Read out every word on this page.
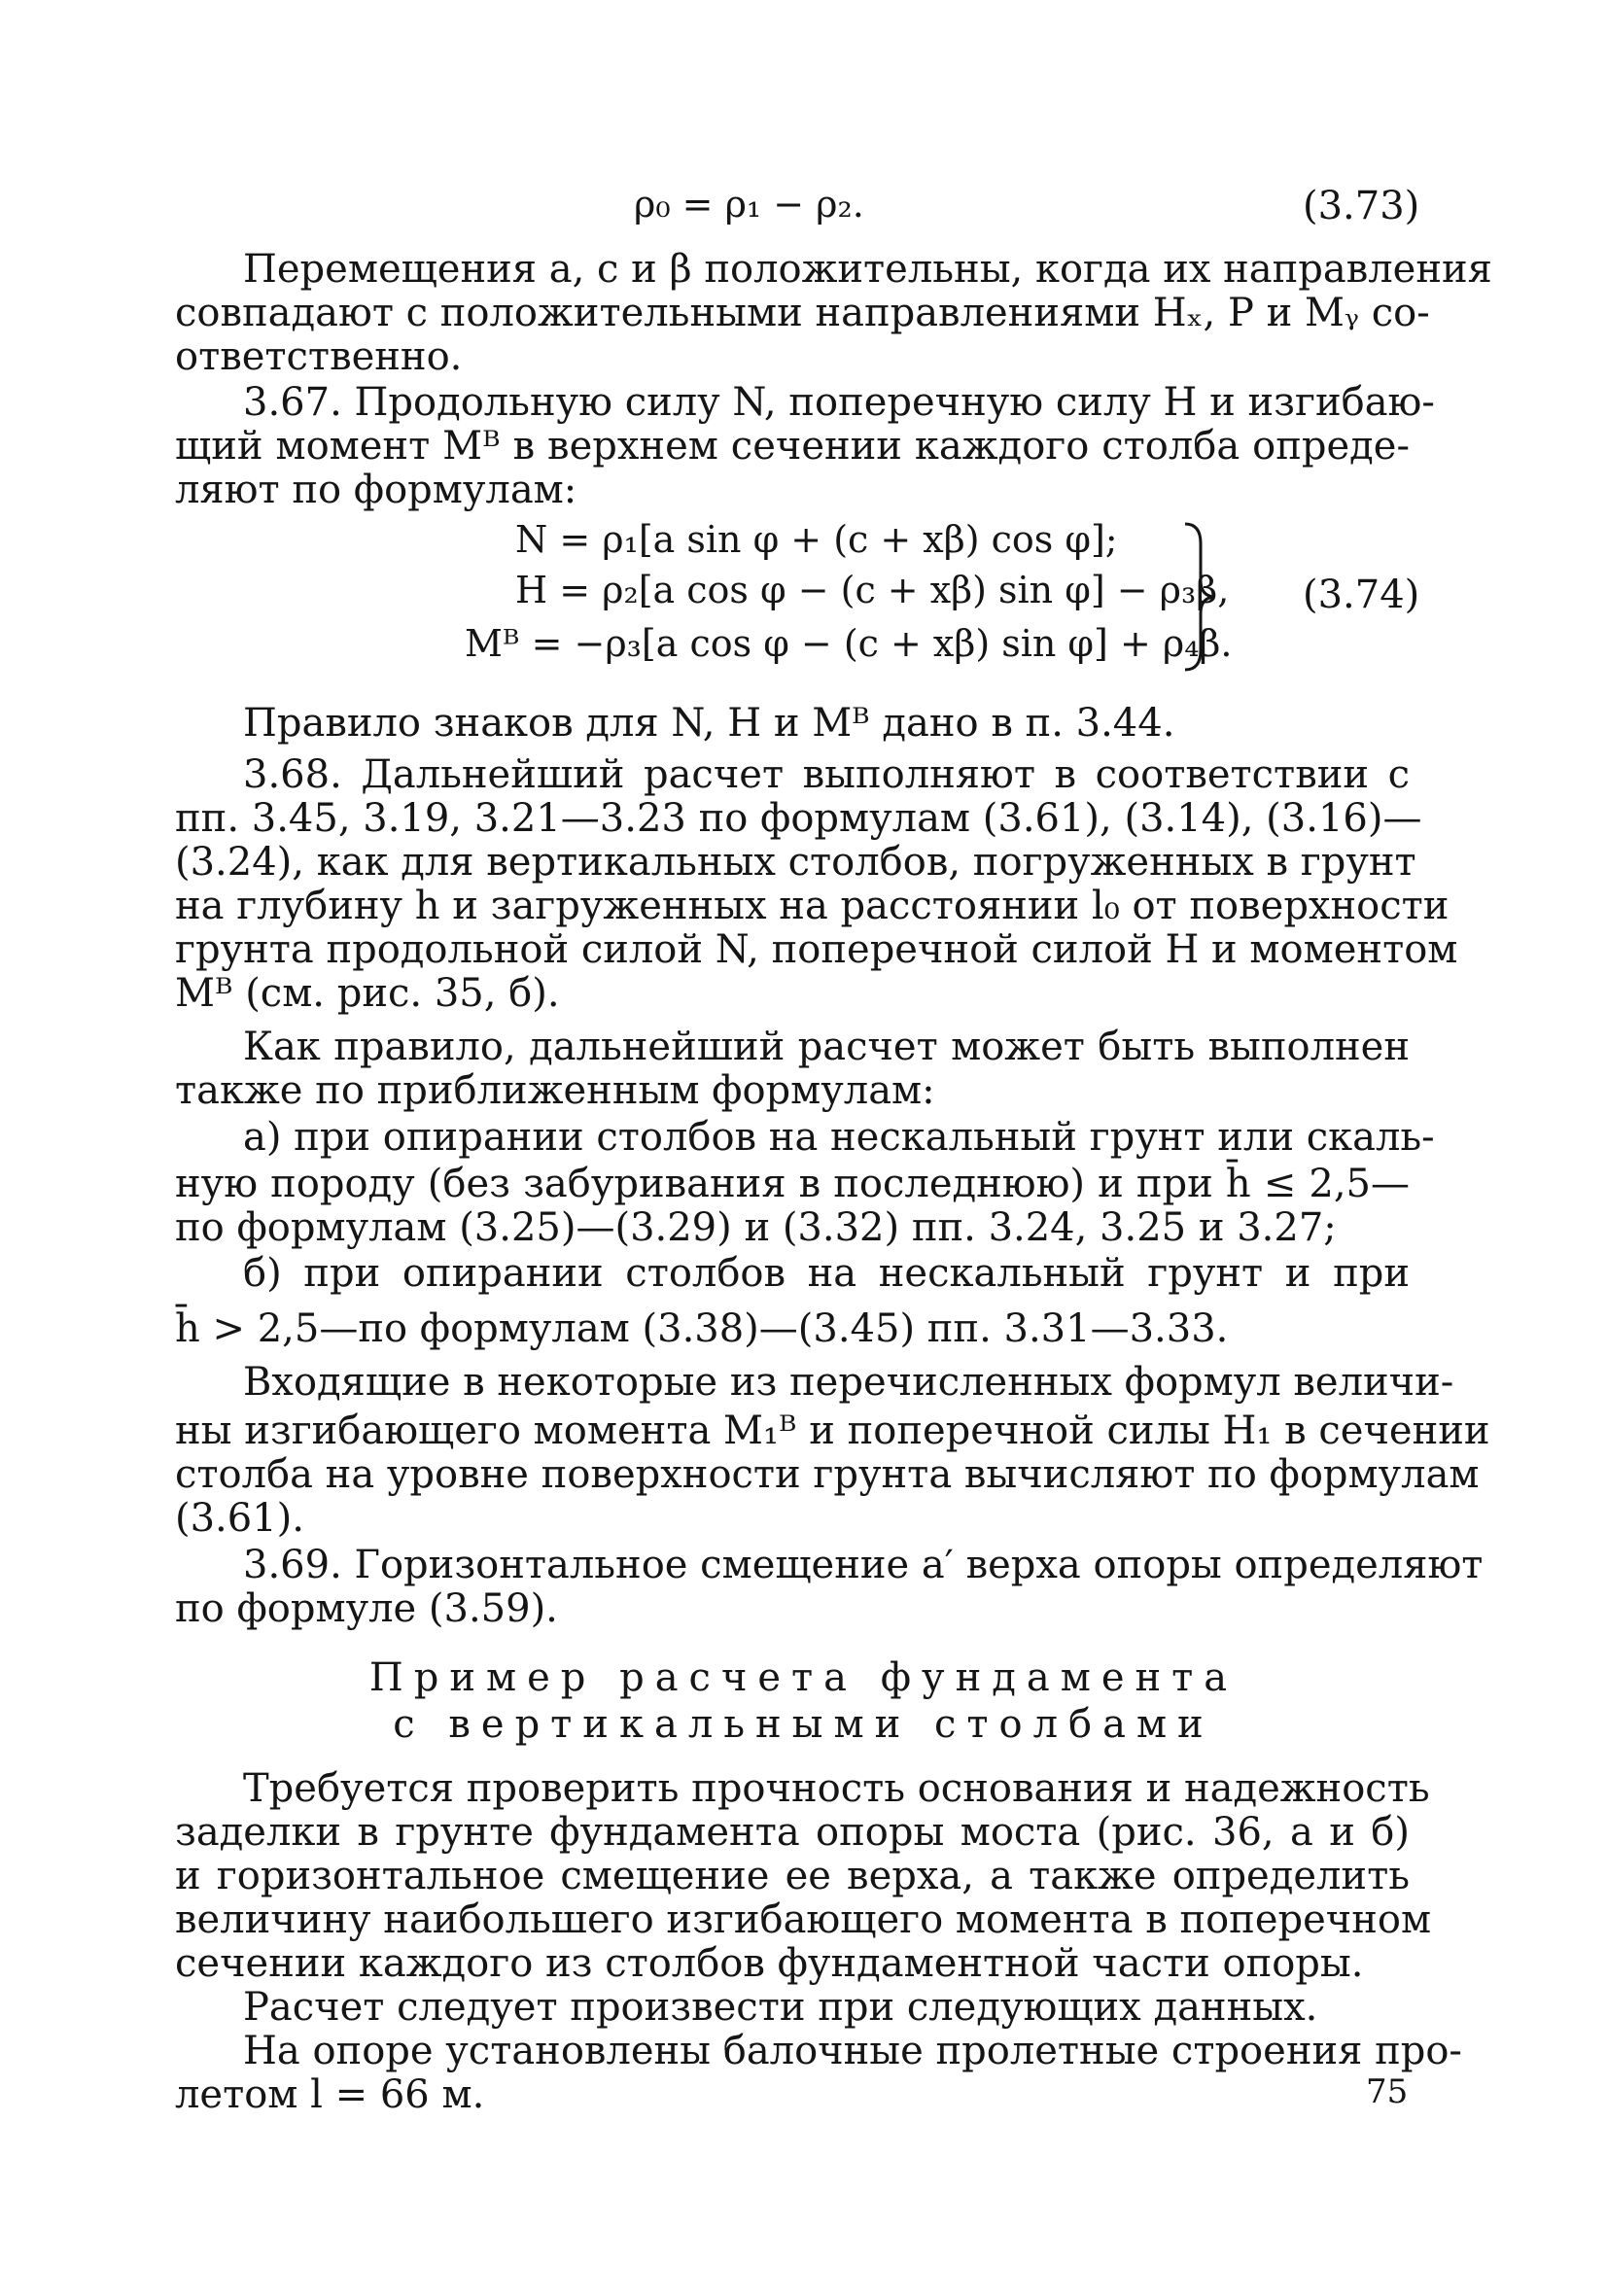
ρ₀ = ρ₁ − ρ₂.	(3.73)
Перемещения a, c и β положительны, когда их направления
совпадают с положительными направлениями Hₓ, P и Mᵧ со-
ответственно.
3.67. Продольную силу N, поперечную силу H и изгибаю-
щий момент Mᴮ в верхнем сечении каждого столба опреде-
ляют по формулам:
N = ρ₁[a sin φ + (c + xβ) cos φ];
H = ρ₂[a cos φ − (c + xβ) sin φ] − ρ₃β,
Mᴮ = −ρ₃[a cos φ − (c + xβ) sin φ] + ρ₄β.
(3.74)
Правило знаков для N, H и Mᴮ дано в п. 3.44.
3.68. Дальнейший расчет выполняют в соответствии с
пп. 3.45, 3.19, 3.21—3.23 по формулам (3.61), (3.14), (3.16)—
(3.24), как для вертикальных столбов, погруженных в грунт
на глубину h и загруженных на расстоянии l₀ от поверхности
грунта продольной силой N, поперечной силой H и моментом
Mᴮ (см. рис. 35, б).
Как правило, дальнейший расчет может быть выполнен
также по приближенным формулам:
а) при опирании столбов на нескальный грунт или скаль-
ную породу (без забуривания в последнюю) и при h̄ ≤ 2,5—
по формулам (3.25)—(3.29) и (3.32) пп. 3.24, 3.25 и 3.27;
б) при опирании столбов на нескальный грунт и при
h̄ > 2,5—по формулам (3.38)—(3.45) пп. 3.31—3.33.
Входящие в некоторые из перечисленных формул величи-
ны изгибающего момента M₁ᴮ и поперечной силы H₁ в сечении
столба на уровне поверхности грунта вычисляют по формулам
(3.61).
3.69. Горизонтальное смещение a′ верха опоры определяют
по формуле (3.59).
Пример расчета фундамента
с вертикальными столбами
Требуется проверить прочность основания и надежность
заделки в грунте фундамента опоры моста (рис. 36, а и б)
и горизонтальное смещение ее верха, а также определить
величину наибольшего изгибающего момента в поперечном
сечении каждого из столбов фундаментной части опоры.
Расчет следует произвести при следующих данных.
На опоре установлены балочные пролетные строения про-
летом l = 66 м.	75
